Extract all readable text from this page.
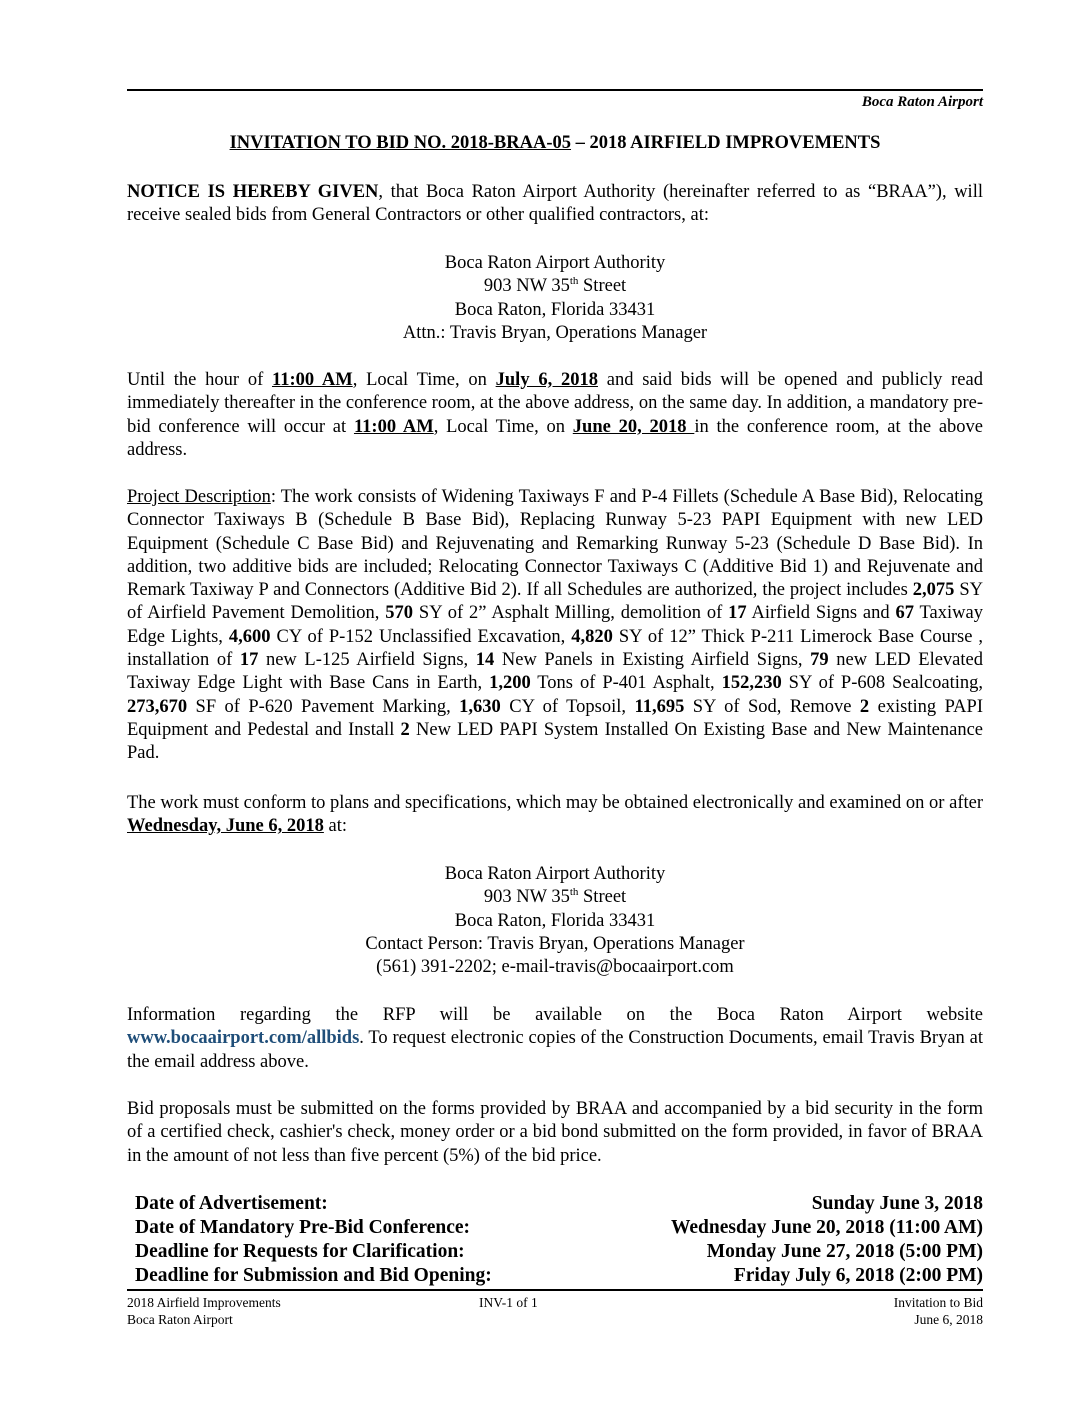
Boca Raton Airport
INVITATION TO BID NO. 2018-BRAA-05 – 2018 AIRFIELD IMPROVEMENTS
NOTICE IS HEREBY GIVEN, that Boca Raton Airport Authority (hereinafter referred to as “BRAA”), will receive sealed bids from General Contractors or other qualified contractors, at:
Boca Raton Airport Authority
903 NW 35th Street
Boca Raton, Florida 33431
Attn.: Travis Bryan, Operations Manager
Until the hour of 11:00 AM, Local Time, on July 6, 2018 and said bids will be opened and publicly read immediately thereafter in the conference room, at the above address, on the same day. In addition, a mandatory pre-bid conference will occur at 11:00 AM, Local Time, on June 20, 2018 in the conference room, at the above address.
Project Description: The work consists of Widening Taxiways F and P-4 Fillets (Schedule A Base Bid), Relocating Connector Taxiways B (Schedule B Base Bid), Replacing Runway 5-23 PAPI Equipment with new LED Equipment (Schedule C Base Bid) and Rejuvenating and Remarking Runway 5-23 (Schedule D Base Bid). In addition, two additive bids are included; Relocating Connector Taxiways C (Additive Bid 1) and Rejuvenate and Remark Taxiway P and Connectors (Additive Bid 2). If all Schedules are authorized, the project includes 2,075 SY of Airfield Pavement Demolition, 570 SY of 2” Asphalt Milling, demolition of 17 Airfield Signs and 67 Taxiway Edge Lights, 4,600 CY of P-152 Unclassified Excavation, 4,820 SY of 12” Thick P-211 Limerock Base Course , installation of 17 new L-125 Airfield Signs, 14 New Panels in Existing Airfield Signs, 79 new LED Elevated Taxiway Edge Light with Base Cans in Earth, 1,200 Tons of P-401 Asphalt, 152,230 SY of P-608 Sealcoating, 273,670 SF of P-620 Pavement Marking, 1,630 CY of Topsoil, 11,695 SY of Sod, Remove 2 existing PAPI Equipment and Pedestal and Install 2 New LED PAPI System Installed On Existing Base and New Maintenance Pad.
The work must conform to plans and specifications, which may be obtained electronically and examined on or after Wednesday, June 6, 2018 at:
Boca Raton Airport Authority
903 NW 35th Street
Boca Raton, Florida 33431
Contact Person: Travis Bryan, Operations Manager
(561) 391-2202; e-mail-travis@bocaairport.com
Information regarding the RFP will be available on the Boca Raton Airport website www.bocaairport.com/allbids. To request electronic copies of the Construction Documents, email Travis Bryan at the email address above.
Bid proposals must be submitted on the forms provided by BRAA and accompanied by a bid security in the form of a certified check, cashier's check, money order or a bid bond submitted on the form provided, in favor of BRAA in the amount of not less than five percent (5%) of the bid price.
Date of Advertisement:	Sunday June 3, 2018
Date of Mandatory Pre-Bid Conference:	Wednesday June 20, 2018 (11:00 AM)
Deadline for Requests for Clarification:	Monday June 27, 2018 (5:00 PM)
Deadline for Submission and Bid Opening:	Friday July 6, 2018 (2:00 PM)
2018 Airfield Improvements
Boca Raton Airport
INV-1 of 1	Invitation to Bid
June 6, 2018
